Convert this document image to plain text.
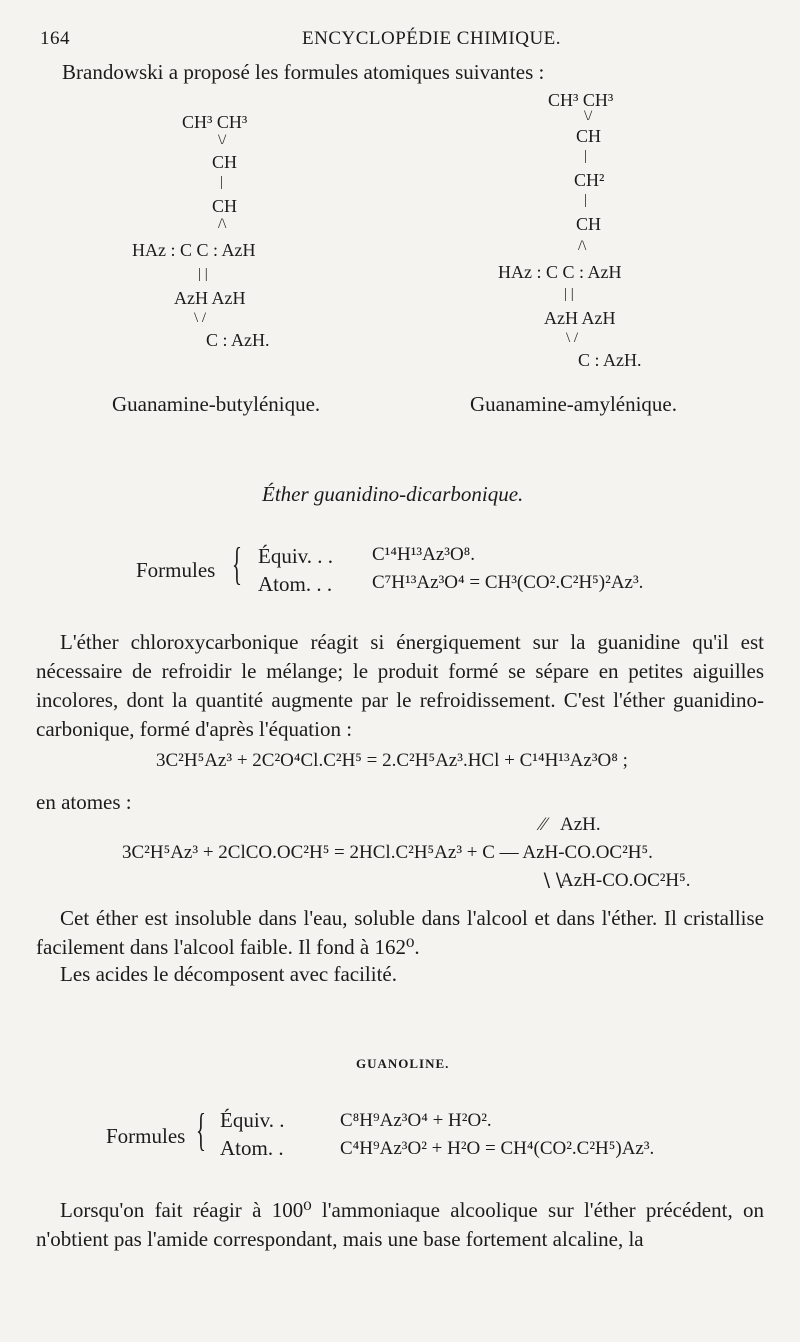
164	ENCYCLOPÉDIE CHIMIQUE.
Brandowski a proposé les formules atomiques suivantes :
CH³ CH³
\/
CH
|
CH
/\
HAz : C C : AzH
| |
AzH AzH
\ /
C : AzH.
Guanamine-butylénique.
CH³ CH³
\/
CH
|
CH²
|
CH
/\
HAz : C C : AzH
| |
AzH AzH
\ /
C : AzH.
Guanamine-amylénique.
Éther guanidino-dicarbonique.
Formules { Équiv. . . C¹⁴H¹³Az³O⁸.
Atom. . . C⁷H¹³Az³O⁴ = CH³(CO².C²H⁵)²Az³.
L'éther chloroxycarbonique réagit si énergiquement sur la guanidine qu'il est nécessaire de refroidir le mélange; le produit formé se sépare en petites aiguilles incolores, dont la quantité augmente par le refroidissement. C'est l'éther guanidino-carbonique, formé d'après l'équation :
3C²H⁵Az³ + 2C²O⁴Cl.C²H⁵ = 2.C²H⁵Az³.HCl + C¹⁴H¹³Az³O⁸ ;
en atomes :
⁄⁄ AzH.
3C²H⁵Az³ + 2ClCO.OC²H⁵ = 2HCl.C²H⁵Az³ + C — AzH-CO.OC²H⁵.
∖∖
AzH-CO.OC²H⁵.
Cet éther est insoluble dans l'eau, soluble dans l'alcool et dans l'éther. Il cristallise facilement dans l'alcool faible. Il fond à 162⁰.
Les acides le décomposent avec facilité.
GUANOLINE.
Formules { Équiv. .	C⁸H⁹Az³O⁴ + H²O².
Atom. .	C⁴H⁹Az³O² + H²O = CH⁴(CO².C²H⁵)Az³.
Lorsqu'on fait réagir à 100⁰ l'ammoniaque alcoolique sur l'éther précédent, on n'obtient pas l'amide correspondant, mais une base fortement alcaline, la
